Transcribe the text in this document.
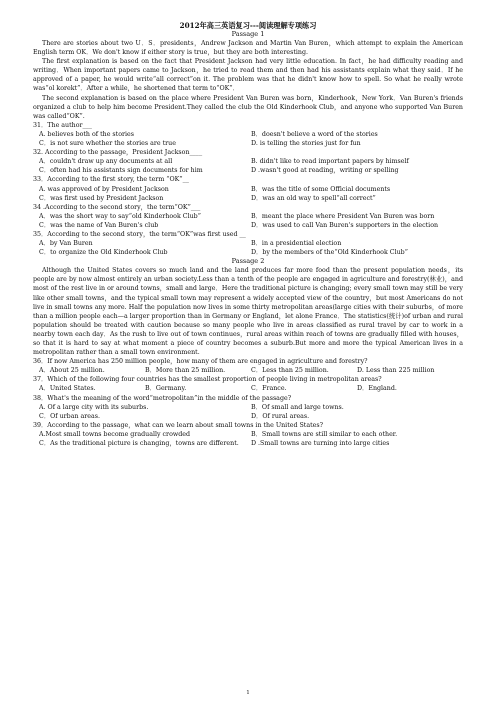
2012年高三英语复习---阅读理解专项练习

Passage 1

There are stories about two U．S．presidents，Andrew Jackson and Martin Van Buren，which attempt to explain the American English term OK．We don't know if either story is true，but they are both interesting.

The first explanation is based on the fact that President Jackson had very little education. In fact，he had difficulty reading and writing．When important papers came to Jackson，he tried to read them and then had his assistants explain what they said．If he approved of a paper, he would write“all correct”on it. The problem was that he didn't know how to spell. So what he really wrote was“ol korekt”．After a while，he shortened that term to“OK”．

The second explanation is based on the place where President Van Buren was born，Kinderhook，New York．Van Buren's friends organized a club to help him become President.They called the club the Old Kinderhook Club，and anyone who supported Van Buren was called“OK”.

31．The author___

A. believes both of the stories	B．doesn't believe a word of the stories
C．is not sure whether the stories are true	D. is telling the stories just for fun

32. According to the passage，President Jackson____

A．couldn't draw up any documents at all	B. didn't like to read important papers by himself
C．often had his assistants sign documents for him	D .wasn't good at reading，writing or spelling

33．According to the first story, the term “OK”__

A. was approved of by President Jackson	B．was the title of some Official documents
C．was first used by President Jackson	D．was an old way to spell“all correct”

34 .According to the second story，the term“OK”___

A．was the short way to say“old Kinderhook Club”	B．meant the place where President Van Buren was born
C．was the name of Van Buren's club	D．was used to call Van Buren's supporters in the election

35．According to the second story，the term“OK”was first used __

A．by Van Buren	B．in a presidential election
C．to organize the Old Kinderhook Club	D．by the members of the“Old Kinderhook Club”

Passage 2

Although the United States covers so much land and the land produces far more food than the present population needs，its people are by now almost entirely an urban society.Less than a tenth of the people are engaged in agriculture and forestry(林业)，and most of the rest live in or around towns，small and large．Here the traditional picture is changing; every small town may still be very like other small towns，and the typical small town may represent a widely accepted view of the country，but most Americans do not live in small towns any more. Half the population now lives in some thirty metropolitan areas(large cities with their suburbs，of more than a million people each—a larger proportion than in Germany or England，let alone France．The statistics(统计)of urban and rural population should be treated with caution because so many people who live in areas classified as rural travel by car to work in a nearby town each day．As the rush to live out of town continues，rural areas within reach of towns are gradually filled with houses，so that it is hard to say at what moment a piece of country becomes a suburb.But more and more the typical American lives in a metropolitan rather than a small town environment.

36．If now America has 250 million people，how many of them are engaged in agriculture and forestry?

A．About 25 million.	B．More than 25 million.	C．Less than 25 million.	D. Less than 225 million

37．Which of the following four countries has the smallest proportion of people living in metropolitan areas?

A．United States.	B．Germany.	C．France.	D．England.

38．What's the meaning of the word“metropolitan”in the middle of the passage?

A. Of a large city with its suburbs.	B．Of small and large towns.
C．Of urban areas.	D．Of rural areas.

39．According to the passage，what can we learn about small towns in the United States?

A.Most small towns become gradually crowded	B．Small towns are still similar to each other.
C．As the traditional picture is changing，towns are different.	D .Small towns are turning into large cities
1
